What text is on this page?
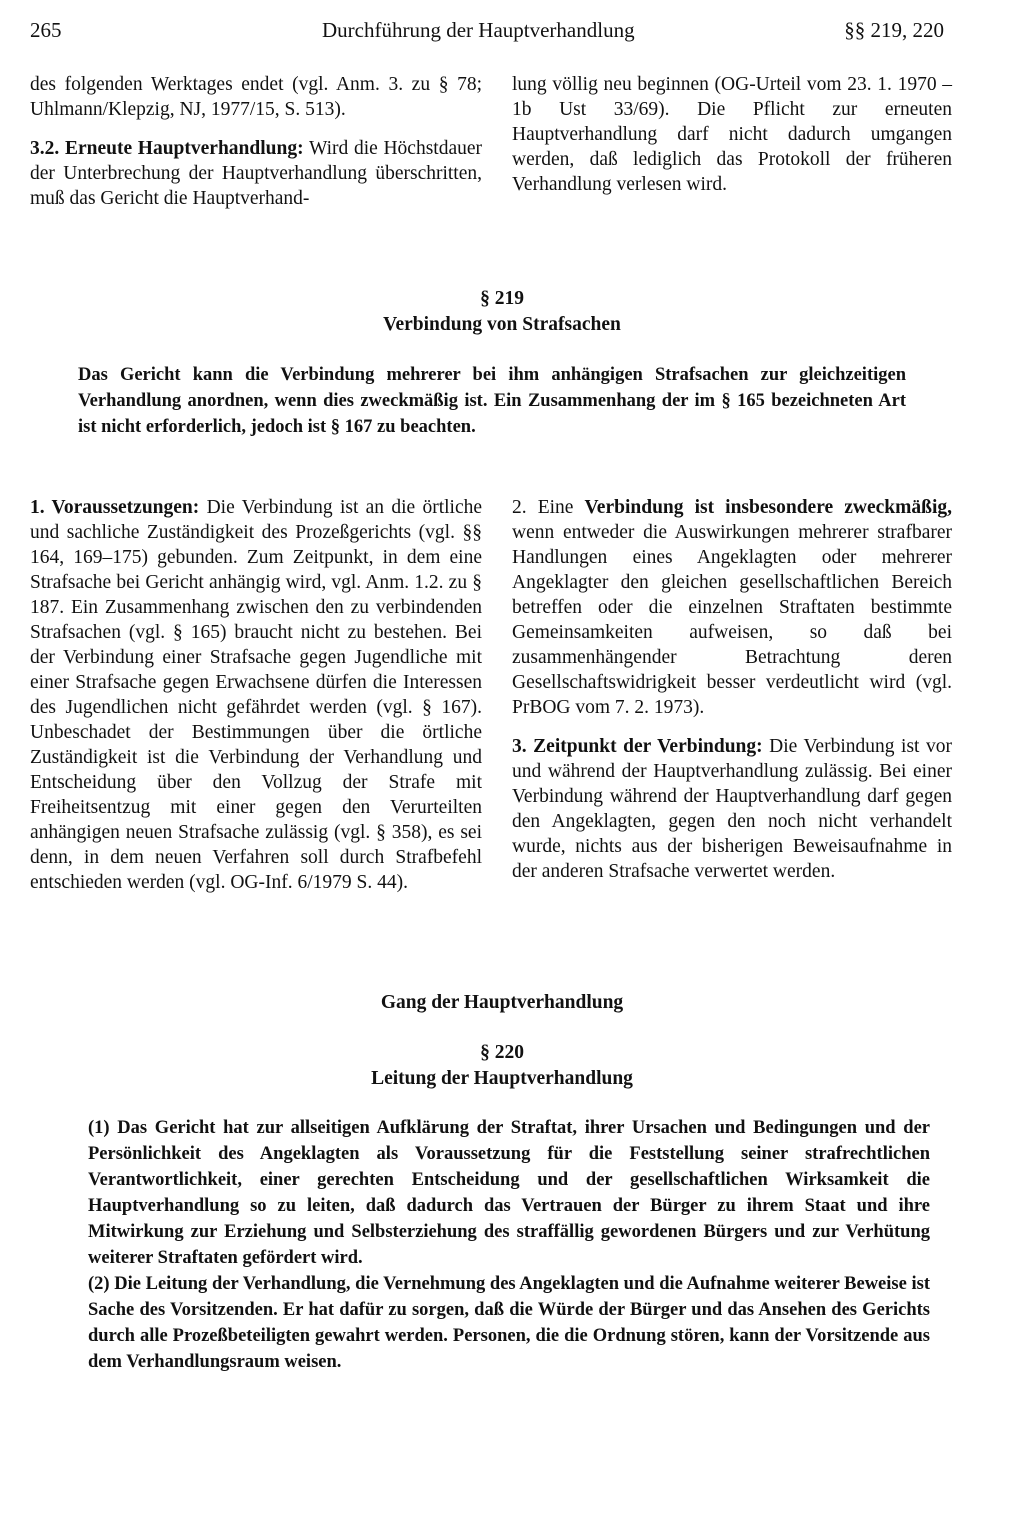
265	Durchführung der Hauptverhandlung	§§ 219, 220

des folgenden Werktages endet (vgl. Anm. 3. zu § 78; Uhlmann/Klepzig, NJ, 1977/15, S. 513).

3.2. Erneute Hauptverhandlung: Wird die Höchstdauer der Unterbrechung der Hauptverhandlung überschritten, muß das Gericht die Hauptverhand-

lung völlig neu beginnen (OG-Urteil vom 23. 1. 1970 – 1b Ust 33/69). Die Pflicht zur erneuten Hauptverhandlung darf nicht dadurch umgangen werden, daß lediglich das Protokoll der früheren Verhandlung verlesen wird.

§ 219
Verbindung von Strafsachen

Das Gericht kann die Verbindung mehrerer bei ihm anhängigen Strafsachen zur gleichzeitigen Verhandlung anordnen, wenn dies zweckmäßig ist. Ein Zusammenhang der im § 165 bezeichneten Art ist nicht erforderlich, jedoch ist § 167 zu beachten.

1. Voraussetzungen: Die Verbindung ist an die örtliche und sachliche Zuständigkeit des Prozeßgerichts (vgl. §§ 164, 169–175) gebunden. Zum Zeitpunkt, in dem eine Strafsache bei Gericht anhängig wird, vgl. Anm. 1.2. zu § 187. Ein Zusammenhang zwischen den zu verbindenden Strafsachen (vgl. § 165) braucht nicht zu bestehen. Bei der Verbindung einer Strafsache gegen Jugendliche mit einer Strafsache gegen Erwachsene dürfen die Interessen des Jugendlichen nicht gefährdet werden (vgl. § 167). Unbeschadet der Bestimmungen über die örtliche Zuständigkeit ist die Verbindung der Verhandlung und Entscheidung über den Vollzug der Strafe mit Freiheitsentzug mit einer gegen den Verurteilten anhängigen neuen Strafsache zulässig (vgl. § 358), es sei denn, in dem neuen Verfahren soll durch Strafbefehl entschieden werden (vgl. OG-Inf. 6/1979 S. 44).

2. Eine Verbindung ist insbesondere zweckmäßig, wenn entweder die Auswirkungen mehrerer strafbarer Handlungen eines Angeklagten oder mehrerer Angeklagter den gleichen gesellschaftlichen Bereich betreffen oder die einzelnen Straftaten bestimmte Gemeinsamkeiten aufweisen, so daß bei zusammenhängender Betrachtung deren Gesellschaftswidrigkeit besser verdeutlicht wird (vgl. PrBOG vom 7. 2. 1973).

3. Zeitpunkt der Verbindung: Die Verbindung ist vor und während der Hauptverhandlung zulässig. Bei einer Verbindung während der Hauptverhandlung darf gegen den Angeklagten, gegen den noch nicht verhandelt wurde, nichts aus der bisherigen Beweisaufnahme in der anderen Strafsache verwertet werden.

Gang der Hauptverhandlung
§ 220
Leitung der Hauptverhandlung

(1) Das Gericht hat zur allseitigen Aufklärung der Straftat, ihrer Ursachen und Bedingungen und der Persönlichkeit des Angeklagten als Voraussetzung für die Feststellung seiner strafrechtlichen Verantwortlichkeit, einer gerechten Entscheidung und der gesellschaftlichen Wirksamkeit die Hauptverhandlung so zu leiten, daß dadurch das Vertrauen der Bürger zu ihrem Staat und ihre Mitwirkung zur Erziehung und Selbsterziehung des straffällig gewordenen Bürgers und zur Verhütung weiterer Straftaten gefördert wird.

(2) Die Leitung der Verhandlung, die Vernehmung des Angeklagten und die Aufnahme weiterer Beweise ist Sache des Vorsitzenden. Er hat dafür zu sorgen, daß die Würde der Bürger und das Ansehen des Gerichts durch alle Prozeßbeteiligten gewahrt werden. Personen, die die Ordnung stören, kann der Vorsitzende aus dem Verhandlungsraum weisen.
